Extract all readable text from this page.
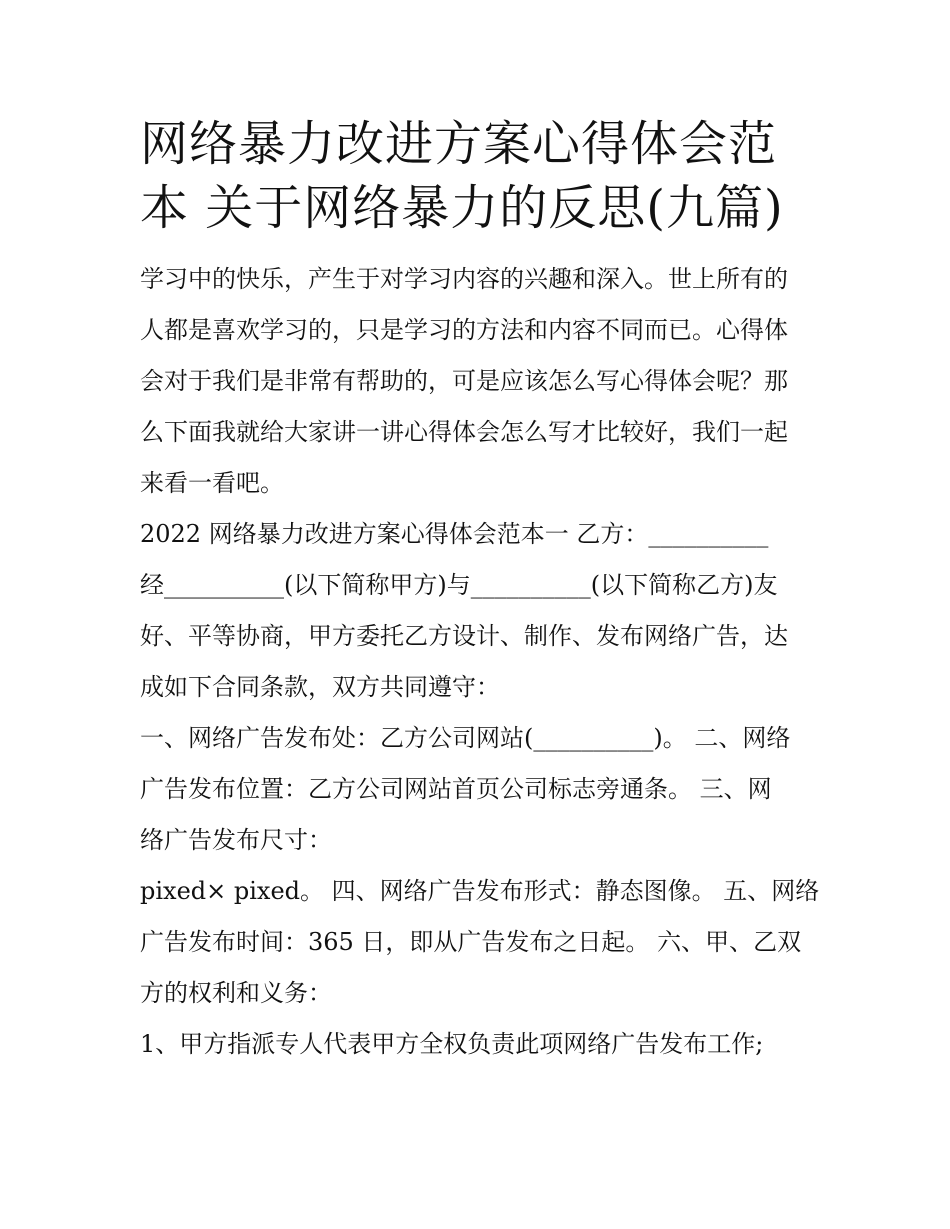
网络暴力改进方案心得体会范
本 关于网络暴力的反思(九篇)
学习中的快乐，产生于对学习内容的兴趣和深入。世上所有的
人都是喜欢学习的，只是学习的方法和内容不同而已。心得体
会对于我们是非常有帮助的，可是应该怎么写心得体会呢？那
么下面我就给大家讲一讲心得体会怎么写才比较好，我们一起
来看一看吧。
2022 网络暴力改进方案心得体会范本一 乙方：__________
经__________(以下简称甲方)与__________(以下简称乙方)友
好、平等协商，甲方委托乙方设计、制作、发布网络广告，达
成如下合同条款，双方共同遵守：
一、网络广告发布处：乙方公司网站(__________)。 二、网络
广告发布位置：乙方公司网站首页公司标志旁通条。 三、网
络广告发布尺寸：
pixed× pixed。 四、网络广告发布形式：静态图像。 五、网络
广告发布时间：365 日，即从广告发布之日起。 六、甲、乙双
方的权利和义务：
1、甲方指派专人代表甲方全权负责此项网络广告发布工作;
